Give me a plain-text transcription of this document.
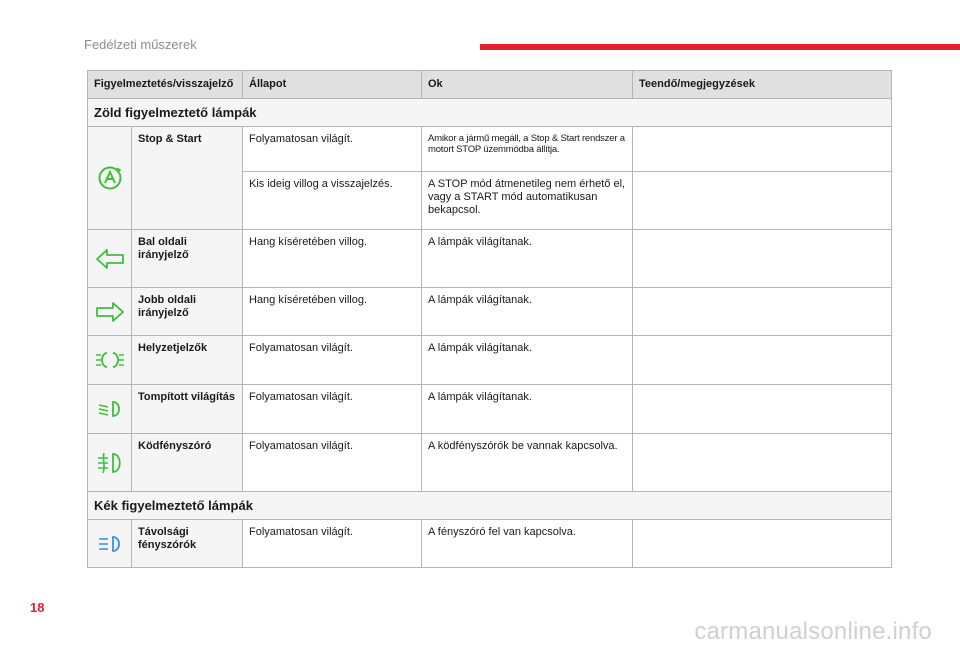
Fedélzeti műszerek
Figyelmeztetés/visszajelző		Állapot	Ok	Teendő/megjegyzések
Zöld figyelmeztető lámpák				

	Stop & Start	Folyamatosan világít.	Amikor a jármű megáll, a Stop & Start rendszer a motort STOP üzemmódba állítja.	
		Kis ideig villog a visszajelzés.	A STOP mód átmenetileg nem érhető el, vagy a START mód automatikusan bekapcsol.	

	Bal oldali irányjelző	Hang kíséretében villog.	A lámpák világítanak.	

	Jobb oldali irányjelző	Hang kíséretében villog.	A lámpák világítanak.	

	Helyzetjelzők	Folyamatosan világít.	A lámpák világítanak.	

	Tompított világítás	Folyamatosan világít.	A lámpák világítanak.	

	Ködfényszóró	Folyamatosan világít.	A ködfényszórók be vannak kapcsolva.	
Kék figyelmeztető lámpák				

	Távolsági fényszórók	Folyamatosan világít.	A fényszóró fel van kapcsolva.	
18
carmanualsonline.info
